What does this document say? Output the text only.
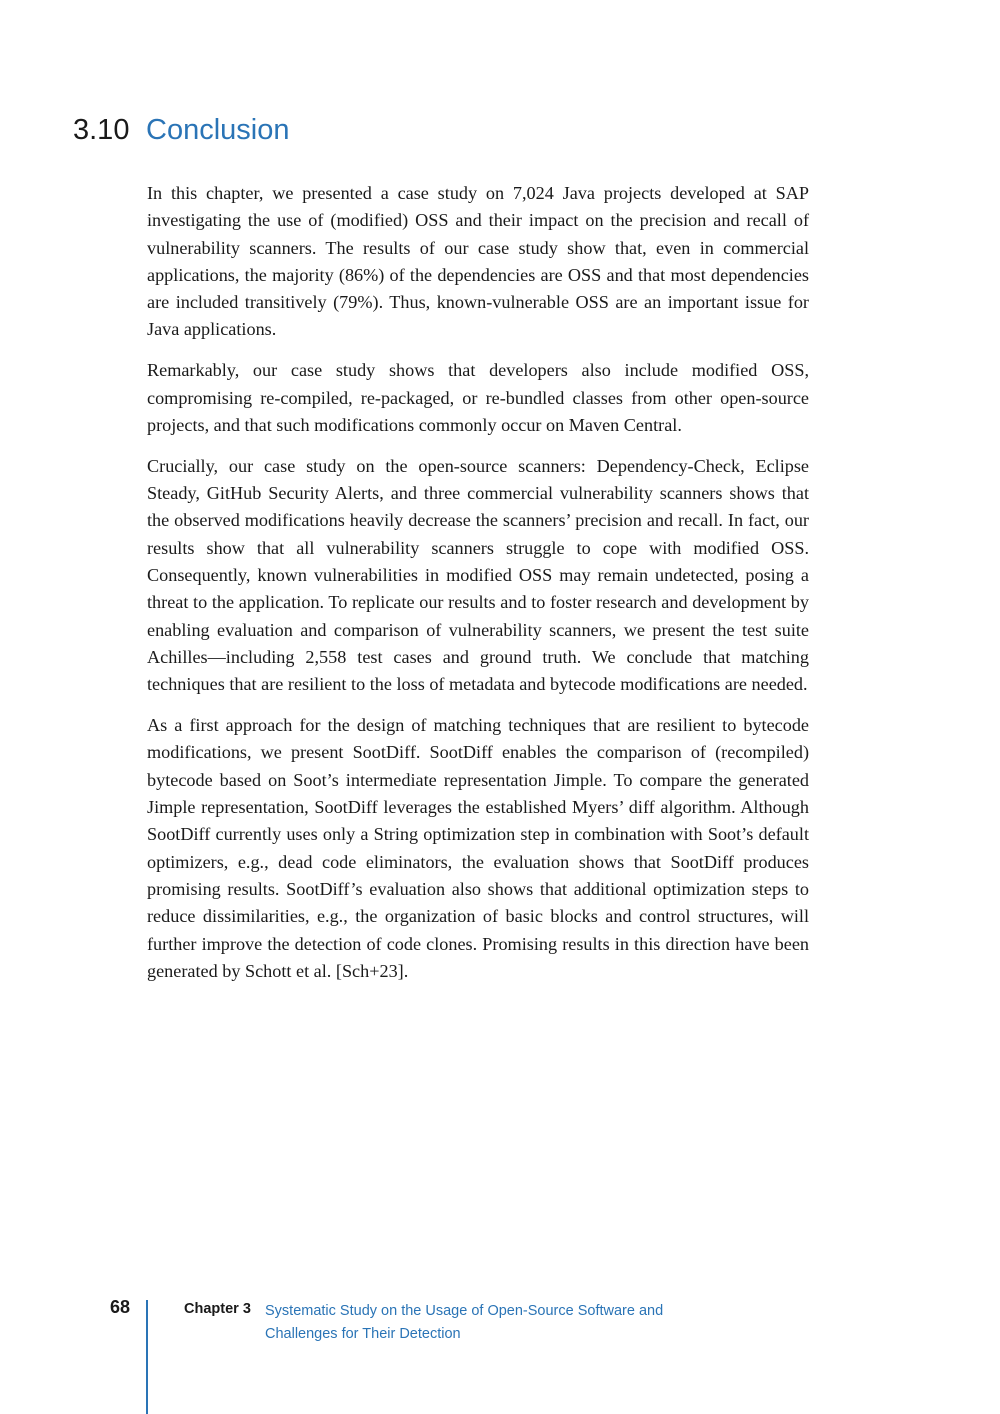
3.10 Conclusion

In this chapter, we presented a case study on 7,024 Java projects developed at SAP investigating the use of (modified) OSS and their impact on the precision and recall of vulnerability scanners. The results of our case study show that, even in commercial applications, the majority (86%) of the dependencies are OSS and that most dependencies are included transitively (79%). Thus, known-vulnerable OSS are an important issue for Java applications.

Remarkably, our case study shows that developers also include modified OSS, compromising re-compiled, re-packaged, or re-bundled classes from other open-source projects, and that such modifications commonly occur on Maven Central.

Crucially, our case study on the open-source scanners: Dependency-Check, Eclipse Steady, GitHub Security Alerts, and three commercial vulnerability scanners shows that the observed modifications heavily decrease the scanners’ precision and recall. In fact, our results show that all vulnerability scanners struggle to cope with modified OSS. Consequently, known vulnerabilities in modified OSS may remain undetected, posing a threat to the application. To replicate our results and to foster research and development by enabling evaluation and comparison of vulnerability scanners, we present the test suite Achilles—including 2,558 test cases and ground truth. We conclude that matching techniques that are resilient to the loss of metadata and bytecode modifications are needed.

As a first approach for the design of matching techniques that are resilient to bytecode modifications, we present SootDiff. SootDiff enables the comparison of (recompiled) bytecode based on Soot’s intermediate representation Jimple. To compare the generated Jimple representation, SootDiff leverages the established Myers’ diff algorithm. Although SootDiff currently uses only a String optimization step in combination with Soot’s default optimizers, e.g., dead code eliminators, the evaluation shows that SootDiff produces promising results. SootDiff’s evaluation also shows that additional optimization steps to reduce dissimilarities, e.g., the organization of basic blocks and control structures, will further improve the detection of code clones. Promising results in this direction have been generated by Schott et al. [Sch+23].

68	Chapter 3 Systematic Study on the Usage of Open-Source Software and
Challenges for Their Detection
